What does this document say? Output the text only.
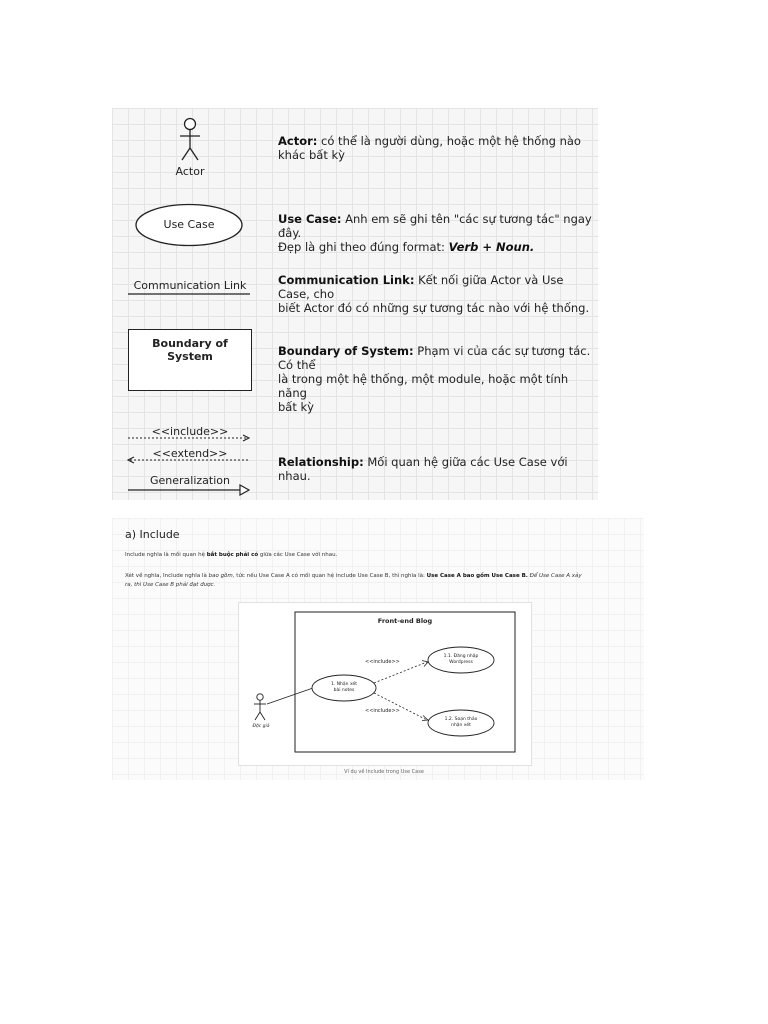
Actor
Actor: có thể là người dùng, hoặc một hệ thống nào
khác bất kỳ
Use Case	Use Case: Anh em sẽ ghi tên "các sự tương tác" ngay đây.
Đẹp là ghi theo đúng format: Verb + Noun.
Communication Link	Communication Link: Kết nối giữa Actor và Use Case, cho
biết Actor đó có những sự tương tác nào với hệ thống.
Boundary of System	Boundary of System: Phạm vi của các sự tương tác. Có thể
là trong một hệ thống, một module, hoặc một tính năng
bất kỳ
<<include>>
<<extend>>
Generalization
Relationship: Mối quan hệ giữa các Use Case với nhau.
a) Include
Include nghĩa là mối quan hệ bắt buộc phải có giữa các Use Case với nhau.
Xét về nghĩa, Include nghĩa là bao gồm, tức nếu Use Case A có mối quan hệ include Use Case B, thì nghĩa là: Use Case A bao gồm Use Case B. Để Use Case A xảy
ra, thì Use Case B phải đạt được.
Front-end Blog
Độc giả
1. Nhận xét
bài notes
1.1. Đăng nhập
Wordpress
1.2. Soạn thảo
nhận xét
<<include>>
<<include>>
Ví dụ về Include trong Use Case
